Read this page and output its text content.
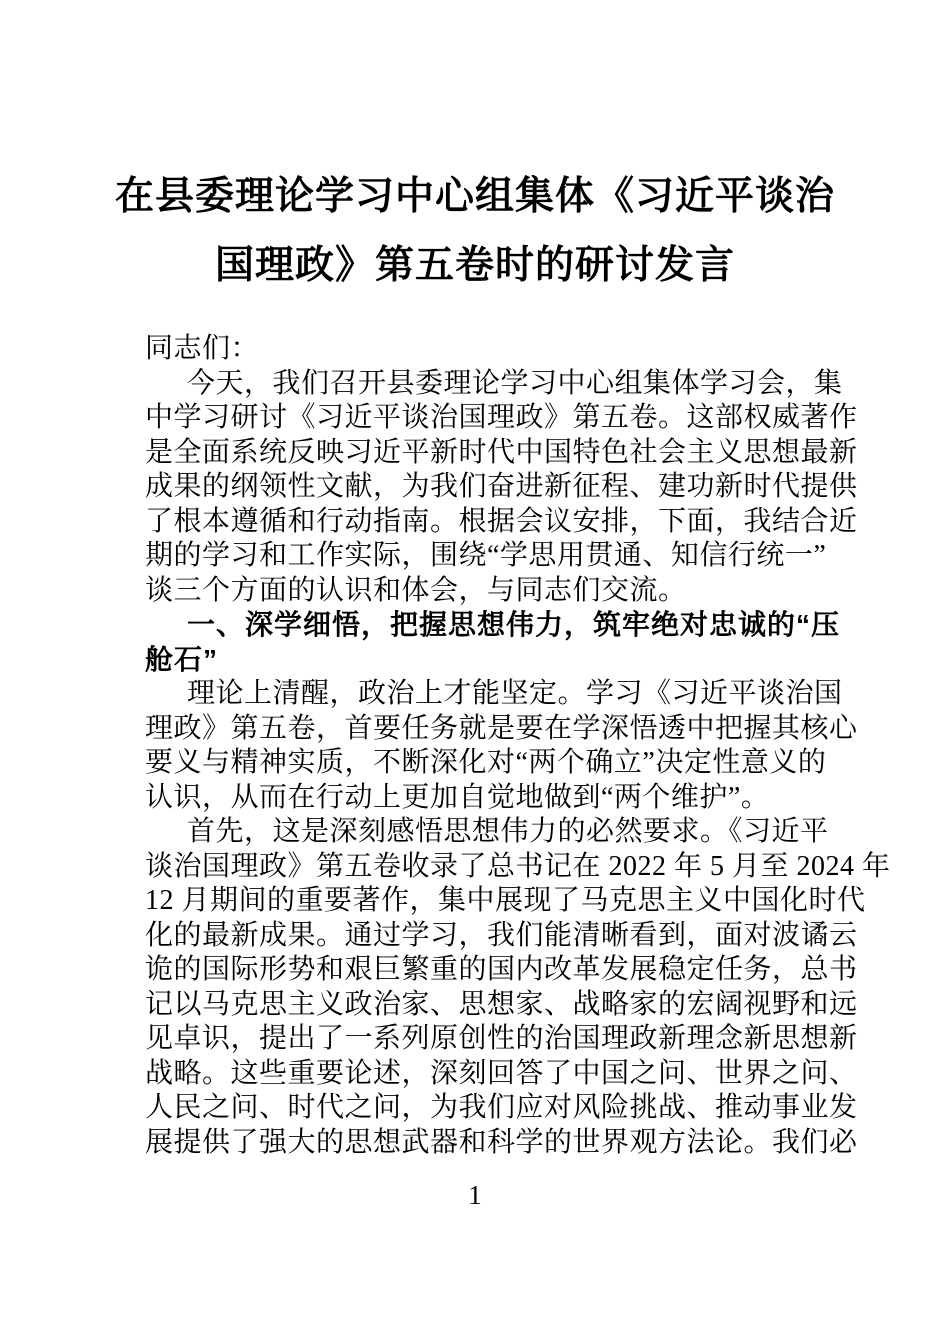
在县委理论学习中心组集体《习近平谈治
国理政》第五卷时的研讨发言
同志们：
今天，我们召开县委理论学习中心组集体学习会，集
中学习研讨《习近平谈治国理政》第五卷。这部权威著作
是全面系统反映习近平新时代中国特色社会主义思想最新
成果的纲领性文献，为我们奋进新征程、建功新时代提供
了根本遵循和行动指南。根据会议安排，下面，我结合近
期的学习和工作实际，围绕“学思用贯通、知信行统一”
谈三个方面的认识和体会，与同志们交流。
一、深学细悟，把握思想伟力，筑牢绝对忠诚的“压
舱石”
理论上清醒，政治上才能坚定。学习《习近平谈治国
理政》第五卷，首要任务就是要在学深悟透中把握其核心
要义与精神实质，不断深化对“两个确立”决定性意义的
认识，从而在行动上更加自觉地做到“两个维护”。
首先，这是深刻感悟思想伟力的必然要求。《习近平
谈治国理政》第五卷收录了总书记在 2022 年 5 月至 2024 年
12 月期间的重要著作，集中展现了马克思主义中国化时代
化的最新成果。通过学习，我们能清晰看到，面对波谲云
诡的国际形势和艰巨繁重的国内改革发展稳定任务，总书
记以马克思主义政治家、思想家、战略家的宏阔视野和远
见卓识，提出了一系列原创性的治国理政新理念新思想新
战略。这些重要论述，深刻回答了中国之问、世界之问、
人民之问、时代之问，为我们应对风险挑战、推动事业发
展提供了强大的思想武器和科学的世界观方法论。我们必
1
